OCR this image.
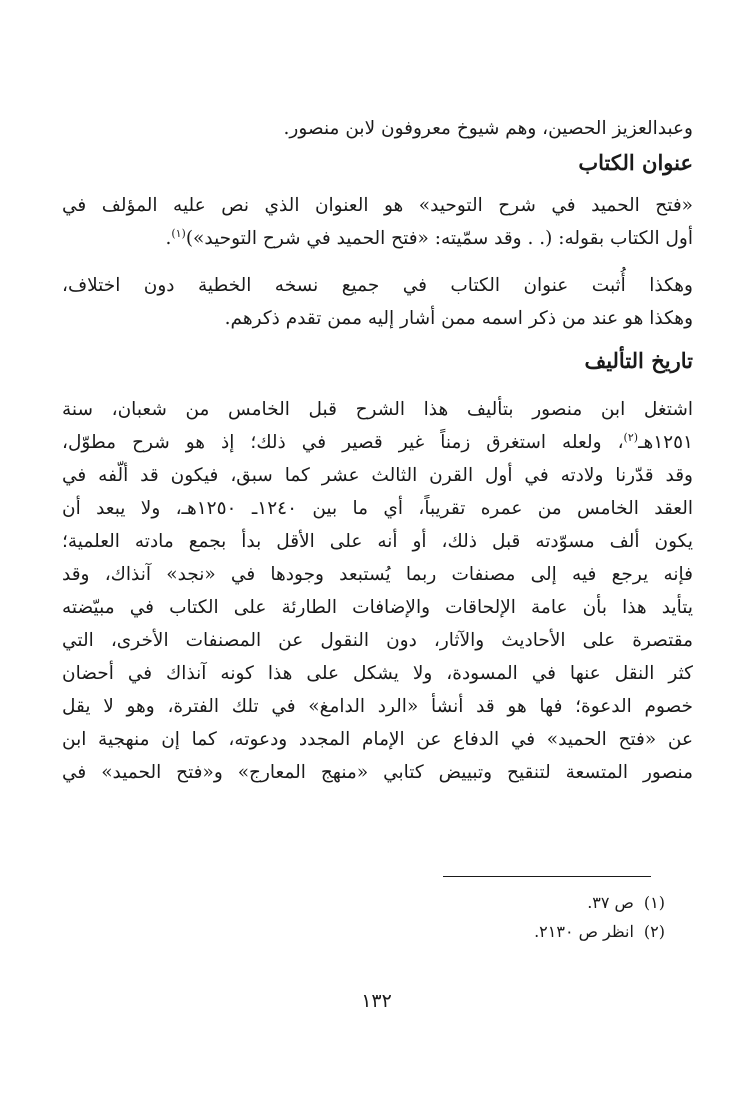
وعبدالعزيز الحصين، وهم شيوخ معروفون لابن منصور.
عنوان الكتاب
«فتح الحميد في شرح التوحيد» هو العنوان الذي نص عليه المؤلف في
أول الكتاب بقوله: (. . وقد سمّيته: «فتح الحميد في شرح التوحيد»)$^{(١)}$.
وهكذا أُثبت عنوان الكتاب في جميع نسخه الخطية دون اختلاف،
وهكذا هو عند من ذكر اسمه ممن أشار إليه ممن تقدم ذكرهم.
تاريخ التأليف
اشتغل ابن منصور بتأليف هذا الشرح قبل الخامس من شعبان، سنة
١٢٥١هـ$^{(٢)}$، ولعله استغرق زمناً غير قصير في ذلك؛ إذ هو شرح مطوّل،
وقد قدّرنا ولادته في أول القرن الثالث عشر كما سبق، فيكون قد ألّفه في
العقد الخامس من عمره تقريباً، أي ما بين ١٢٤٠ـ ١٢٥٠هـ، ولا يبعد أن
يكون ألف مسوّدته قبل ذلك، أو أنه على الأقل بدأ بجمع مادته العلمية؛
فإنه يرجع فيه إلى مصنفات ربما يُستبعد وجودها في «نجد» آنذاك، وقد
يتأيد هذا بأن عامة الإلحاقات والإضافات الطارئة على الكتاب في مبيّضته
مقتصرة على الأحاديث والآثار، دون النقول عن المصنفات الأخرى، التي
كثر النقل عنها في المسودة، ولا يشكل على هذا كونه آنذاك في أحضان
خصوم الدعوة؛ فها هو قد أنشأ «الرد الدامغ» في تلك الفترة، وهو لا يقل
عن «فتح الحميد» في الدفاع عن الإمام المجدد ودعوته، كما إن منهجية ابن
منصور المتسعة لتنقيح وتبييض كتابي «منهج المعارج» و«فتح الحميد» في
(١)ص ٣٧.
(٢)انظر ص ٢١٣٠.
١٣٢
